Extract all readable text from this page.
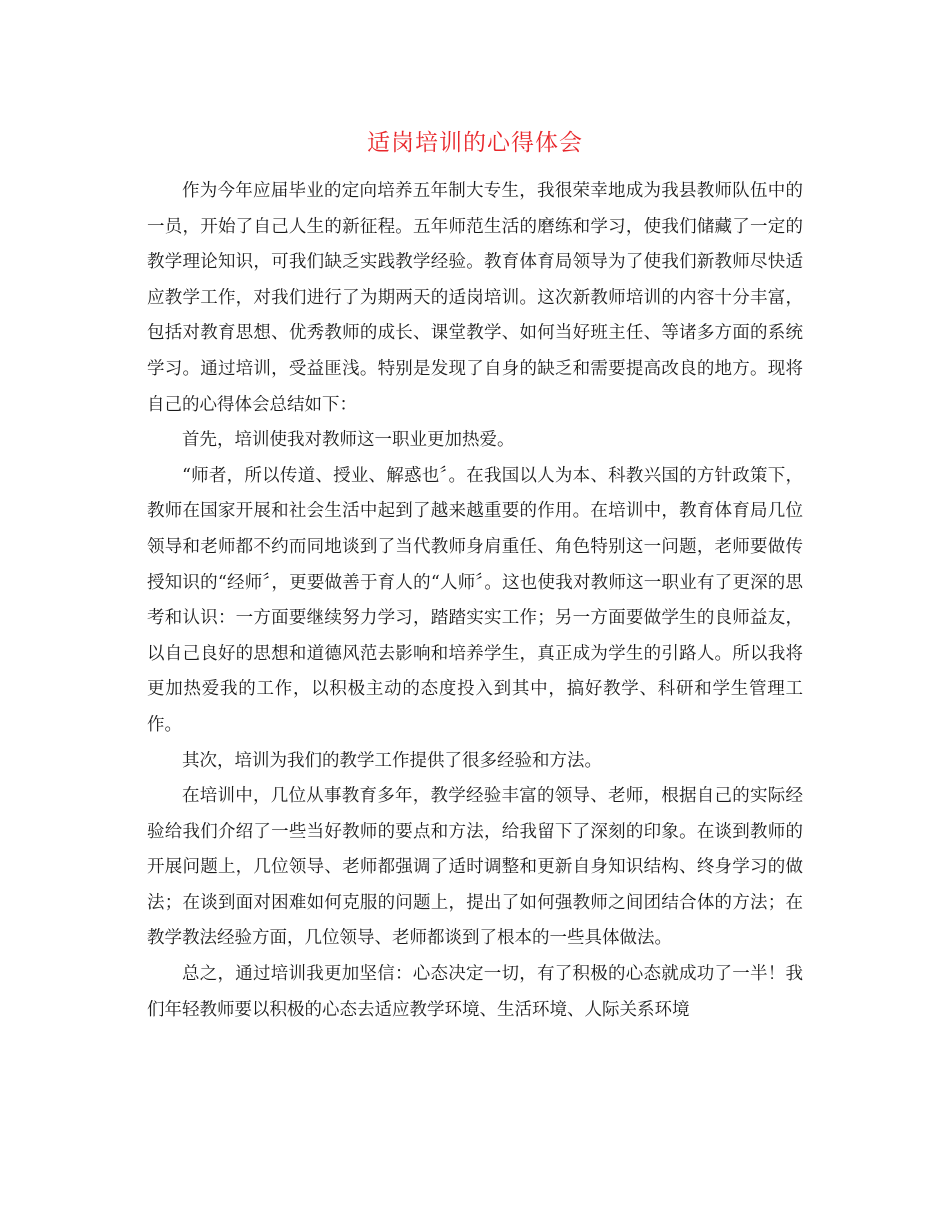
适岗培训的心得体会

作为今年应届毕业的定向培养五年制大专生，我很荣幸地成为我县教师队伍中的一员，开始了自己人生的新征程。五年师范生活的磨练和学习，使我们储藏了一定的教学理论知识，可我们缺乏实践教学经验。教育体育局领导为了使我们新教师尽快适应教学工作，对我们进行了为期两天的适岗培训。这次新教师培训的内容十分丰富，包括对教育思想、优秀教师的成长、课堂教学、如何当好班主任、等诸多方面的系统学习。通过培训，受益匪浅。特别是发现了自身的缺乏和需要提高改良的地方。现将自己的心得体会总结如下：

首先，培训使我对教师这一职业更加热爱。

“师者，所以传道、授业、解惑也〞。在我国以人为本、科教兴国的方针政策下，教师在国家开展和社会生活中起到了越来越重要的作用。在培训中，教育体育局几位领导和老师都不约而同地谈到了当代教师身肩重任、角色特别这一问题，老师要做传授知识的“经师〞，更要做善于育人的“人师〞。这也使我对教师这一职业有了更深的思考和认识：一方面要继续努力学习，踏踏实实工作；另一方面要做学生的良师益友，以自己良好的思想和道德风范去影响和培养学生，真正成为学生的引路人。所以我将更加热爱我的工作，以积极主动的态度投入到其中，搞好教学、科研和学生管理工作。

其次，培训为我们的教学工作提供了很多经验和方法。

在培训中，几位从事教育多年，教学经验丰富的领导、老师，根据自己的实际经验给我们介绍了一些当好教师的要点和方法，给我留下了深刻的印象。在谈到教师的开展问题上，几位领导、老师都强调了适时调整和更新自身知识结构、终身学习的做法；在谈到面对困难如何克服的问题上，提出了如何强教师之间团结合体的方法；在教学教法经验方面，几位领导、老师都谈到了根本的一些具体做法。

总之，通过培训我更加坚信：心态决定一切，有了积极的心态就成功了一半！我们年轻教师要以积极的心态去适应教学环境、生活环境、人际关系环境
